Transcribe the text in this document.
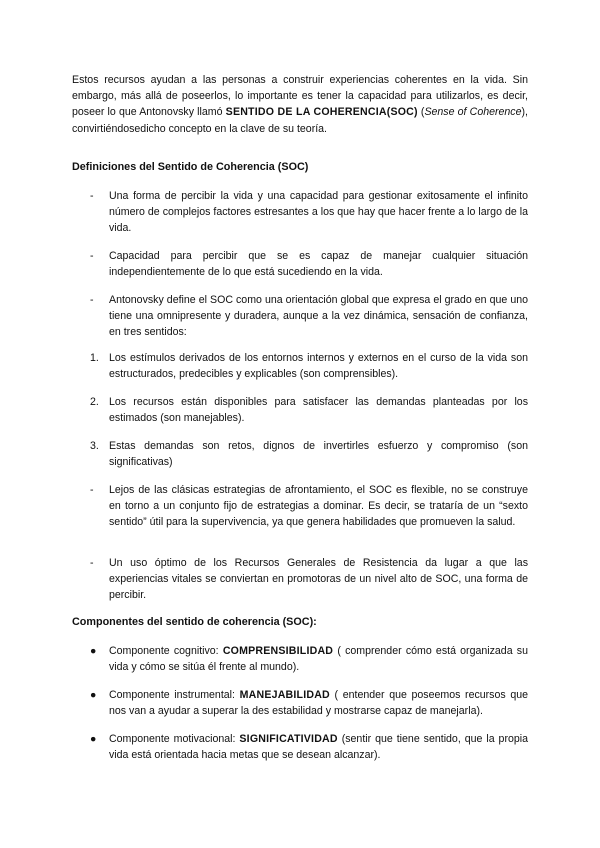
Estos recursos ayudan a las personas a construir experiencias coherentes en la vida. Sin embargo, más allá de poseerlos, lo importante es tener la capacidad para utilizarlos, es decir, poseer lo que Antonovsky llamó SENTIDO DE LA COHERENCIA(SOC) (Sense of Coherence), convirtiéndosedicho concepto en la clave de su teoría.

Definiciones del Sentido de Coherencia (SOC)
-	Una forma de percibir la vida y una capacidad para gestionar exitosamente el infinito número de complejos factores estresantes a los que hay que hacer frente a lo largo de la vida.

-	Capacidad para percibir que se es capaz de manejar cualquier situación independientemente de lo que está sucediendo en la vida.

-	Antonovsky define el SOC como una orientación global que expresa el grado en que uno tiene una omnipresente y duradera, aunque a la vez dinámica, sensación de confianza, en tres sentidos:

1. Los estímulos derivados de los entornos internos y externos en el curso de la vida son estructurados, predecibles y explicables (son comprensibles).

2. Los recursos están disponibles para satisfacer las demandas planteadas por los estimados (son manejables).

3. Estas demandas son retos, dignos de invertirles esfuerzo y compromiso (son significativas)

-	Lejos de las clásicas estrategias de afrontamiento, el SOC es flexible, no se construye en torno a un conjunto fijo de estrategias a dominar. Es decir, se trataría de un “sexto sentido” útil para la supervivencia, ya que genera habilidades que promueven la salud.

-	Un uso óptimo de los Recursos Generales de Resistencia da lugar a que las experiencias vitales se conviertan en promotoras de un nivel alto de SOC, una forma de percibir.

Componentes del sentido de coherencia (SOC):
●	Componente cognitivo: COMPRENSIBILIDAD ( comprender cómo está organizada su vida y cómo se sitúa él frente al mundo).

●	Componente instrumental: MANEJABILIDAD ( entender que poseemos recursos que nos van a ayudar a superar la des estabilidad y mostrarse capaz de manejarla).

●	Componente motivacional: SIGNIFICATIVIDAD (sentir que tiene sentido, que la propia vida está orientada hacia metas que se desean alcanzar).
